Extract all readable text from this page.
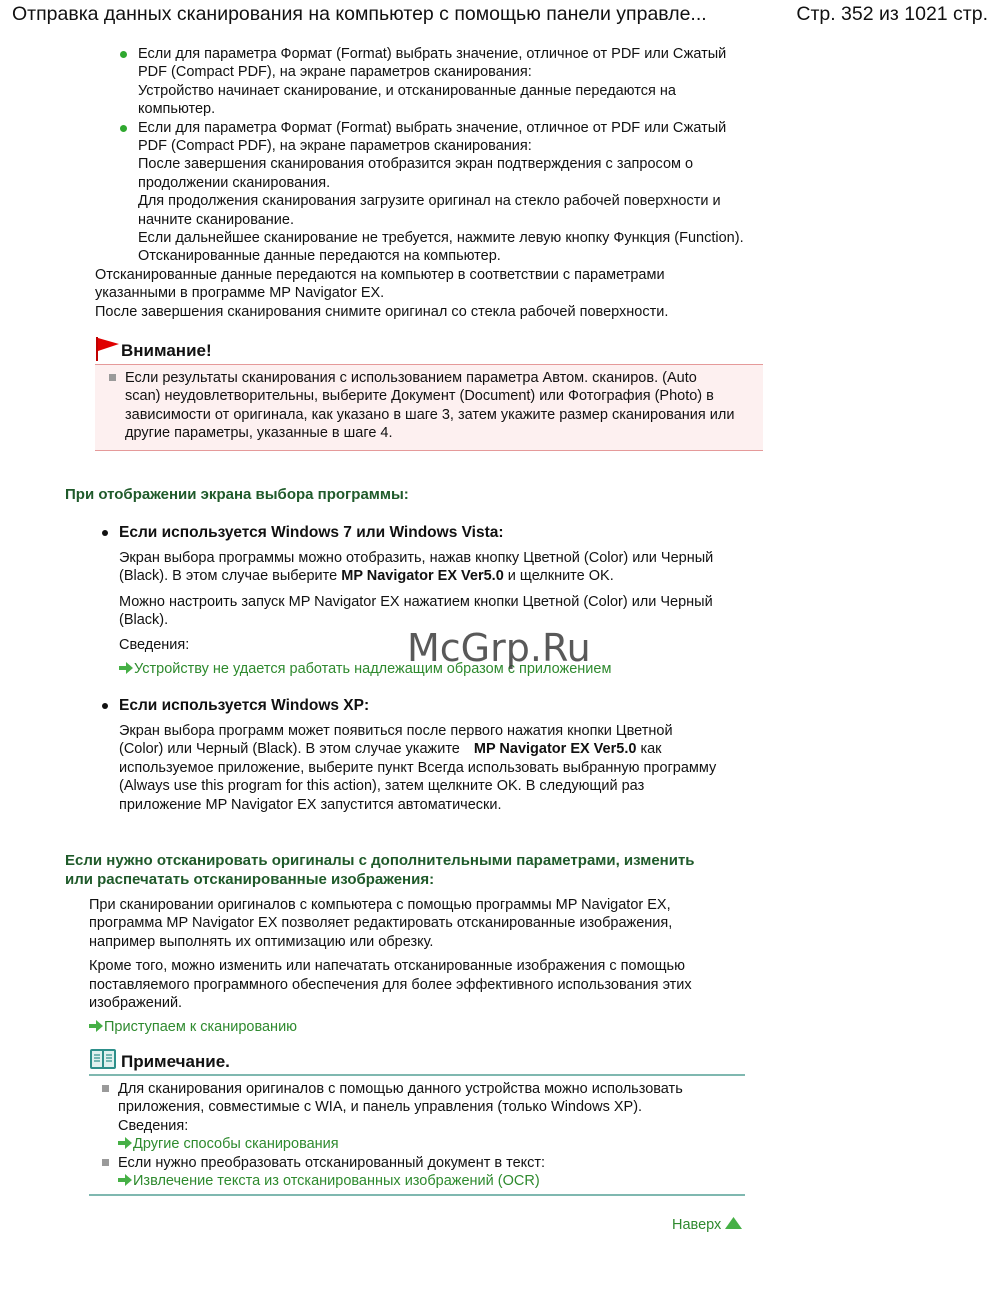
Отправка данных сканирования на компьютер с помощью панели управле...	Стр. 352 из 1021 стр.
Если для параметра Формат (Format) выбрать значение, отличное от PDF или Сжатый
PDF (Compact PDF), на экране параметров сканирования:
Устройство начинает сканирование, и отсканированные данные передаются на
компьютер.
Если для параметра Формат (Format) выбрать значение, отличное от PDF или Сжатый
PDF (Compact PDF), на экране параметров сканирования:
После завершения сканирования отобразится экран подтверждения с запросом о
продолжении сканирования.
Для продолжения сканирования загрузите оригинал на стекло рабочей поверхности и
начните сканирование.
Если дальнейшее сканирование не требуется, нажмите левую кнопку Функция (Function).
Отсканированные данные передаются на компьютер.
Отсканированные данные передаются на компьютер в соответствии с параметрами
указанными в программе MP Navigator EX.
После завершения сканирования снимите оригинал со стекла рабочей поверхности.
Внимание!
Если результаты сканирования с использованием параметра Автом. сканиров. (Auto
scan) неудовлетворительны, выберите Документ (Document) или Фотография (Photo) в
зависимости от оригинала, как указано в шаге 3, затем укажите размер сканирования или
другие параметры, указанные в шаге 4.
При отображении экрана выбора программы:
Если используется Windows 7 или Windows Vista:
Экран выбора программы можно отобразить, нажав кнопку Цветной (Color) или Черный
(Black). В этом случае выберите MP Navigator EX Ver5.0 и щелкните OK.
Можно настроить запуск MP Navigator EX нажатием кнопки Цветной (Color) или Черный
(Black).
Сведения:
Устройству не удается работать надлежащим образом с приложением
Если используется Windows XP:
Экран выбора программ может появиться после первого нажатия кнопки Цветной
(Color) или Черный (Black). В этом случае укажите MP Navigator EX Ver5.0 как
используемое приложение, выберите пункт Всегда использовать выбранную программу
(Always use this program for this action), затем щелкните OK. В следующий раз
приложение MP Navigator EX запустится автоматически.
McGrp.Ru
Если нужно отсканировать оригиналы с дополнительными параметрами, изменить
или распечатать отсканированные изображения:
При сканировании оригиналов с компьютера с помощью программы MP Navigator EX,
программа MP Navigator EX позволяет редактировать отсканированные изображения,
например выполнять их оптимизацию или обрезку.
Кроме того, можно изменить или напечатать отсканированные изображения с помощью
поставляемого программного обеспечения для более эффективного использования этих
изображений.
Приступаем к сканированию
Примечание.
Для сканирования оригиналов с помощью данного устройства можно использовать
приложения, совместимые с WIA, и панель управления (только Windows XP).
Сведения:
Другие способы сканирования
Если нужно преобразовать отсканированный документ в текст:
Извлечение текста из отсканированных изображений (OCR)
Наверх
